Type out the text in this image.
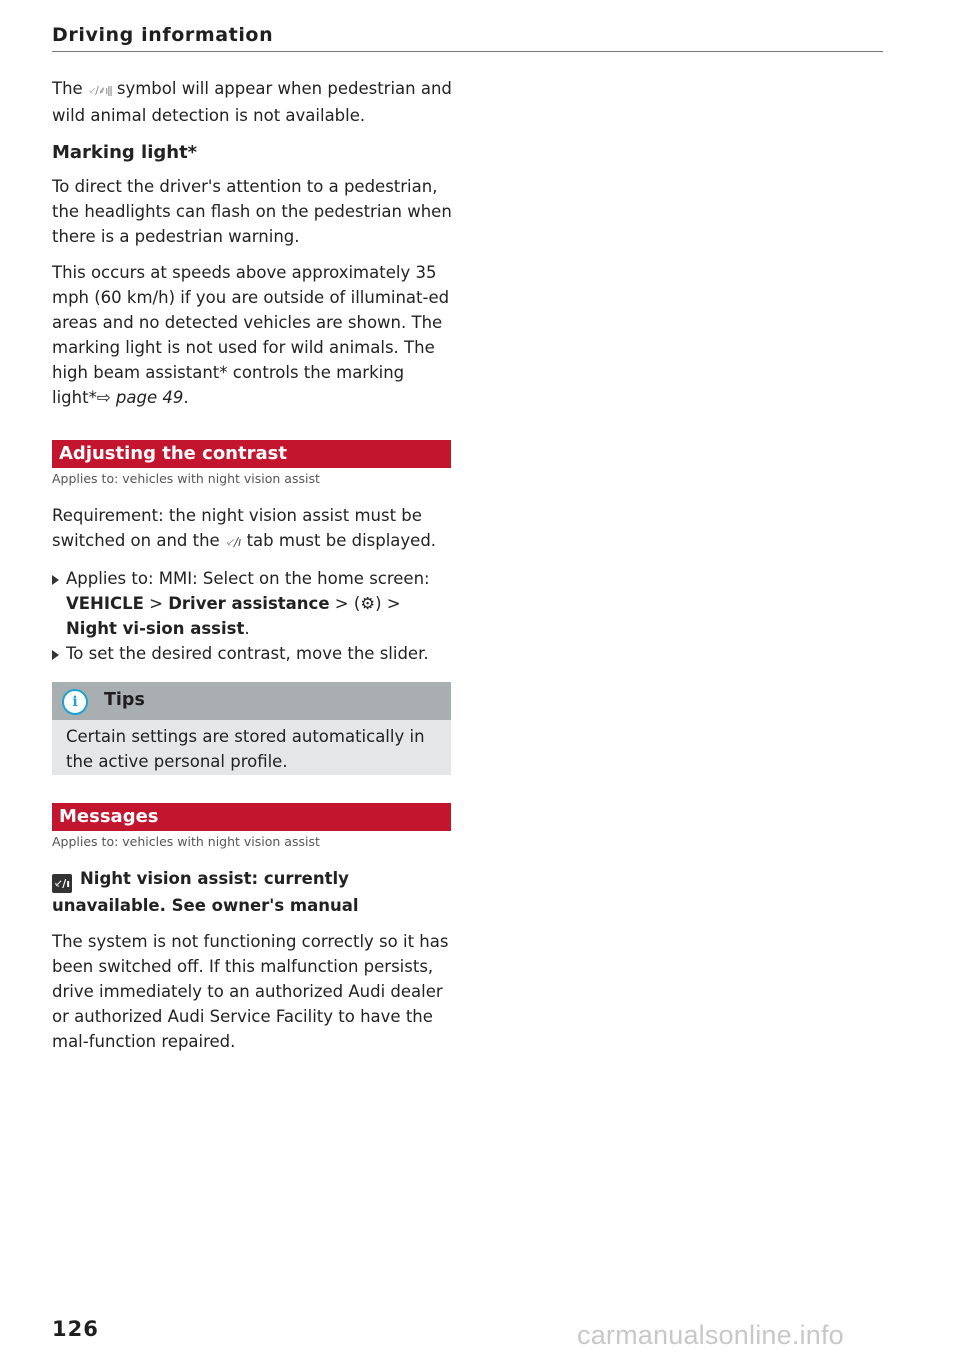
Driving information

The ⸔∕⸙ıǁ symbol will appear when pedestrian and wild animal detection is not available.

Marking light*

To direct the driver's attention to a pedestrian, the headlights can flash on the pedestrian when there is a pedestrian warning.

This occurs at speeds above approximately 35 mph (60 km/h) if you are outside of illuminat-ed areas and no detected vehicles are shown. The marking light is not used for wild animals. The high beam assistant* controls the marking light*⇨ page 49.

Adjusting the contrast
Applies to: vehicles with night vision assist

Requirement: the night vision assist must be switched on and the ⸔∕ı tab must be displayed.

Applies to: MMI: Select on the home screen: VEHICLE > Driver assistance > (⚙) > Night vi-sion assist.

To set the desired contrast, move the slider.

i	Tips

Certain settings are stored automatically in the active personal profile.

Messages
Applies to: vehicles with night vision assist

⸔∕ı Night vision assist: currently unavailable. See owner's manual

The system is not functioning correctly so it has been switched off. If this malfunction persists, drive immediately to an authorized Audi dealer or authorized Audi Service Facility to have the mal-function repaired.

126	carmanualsonline.info
